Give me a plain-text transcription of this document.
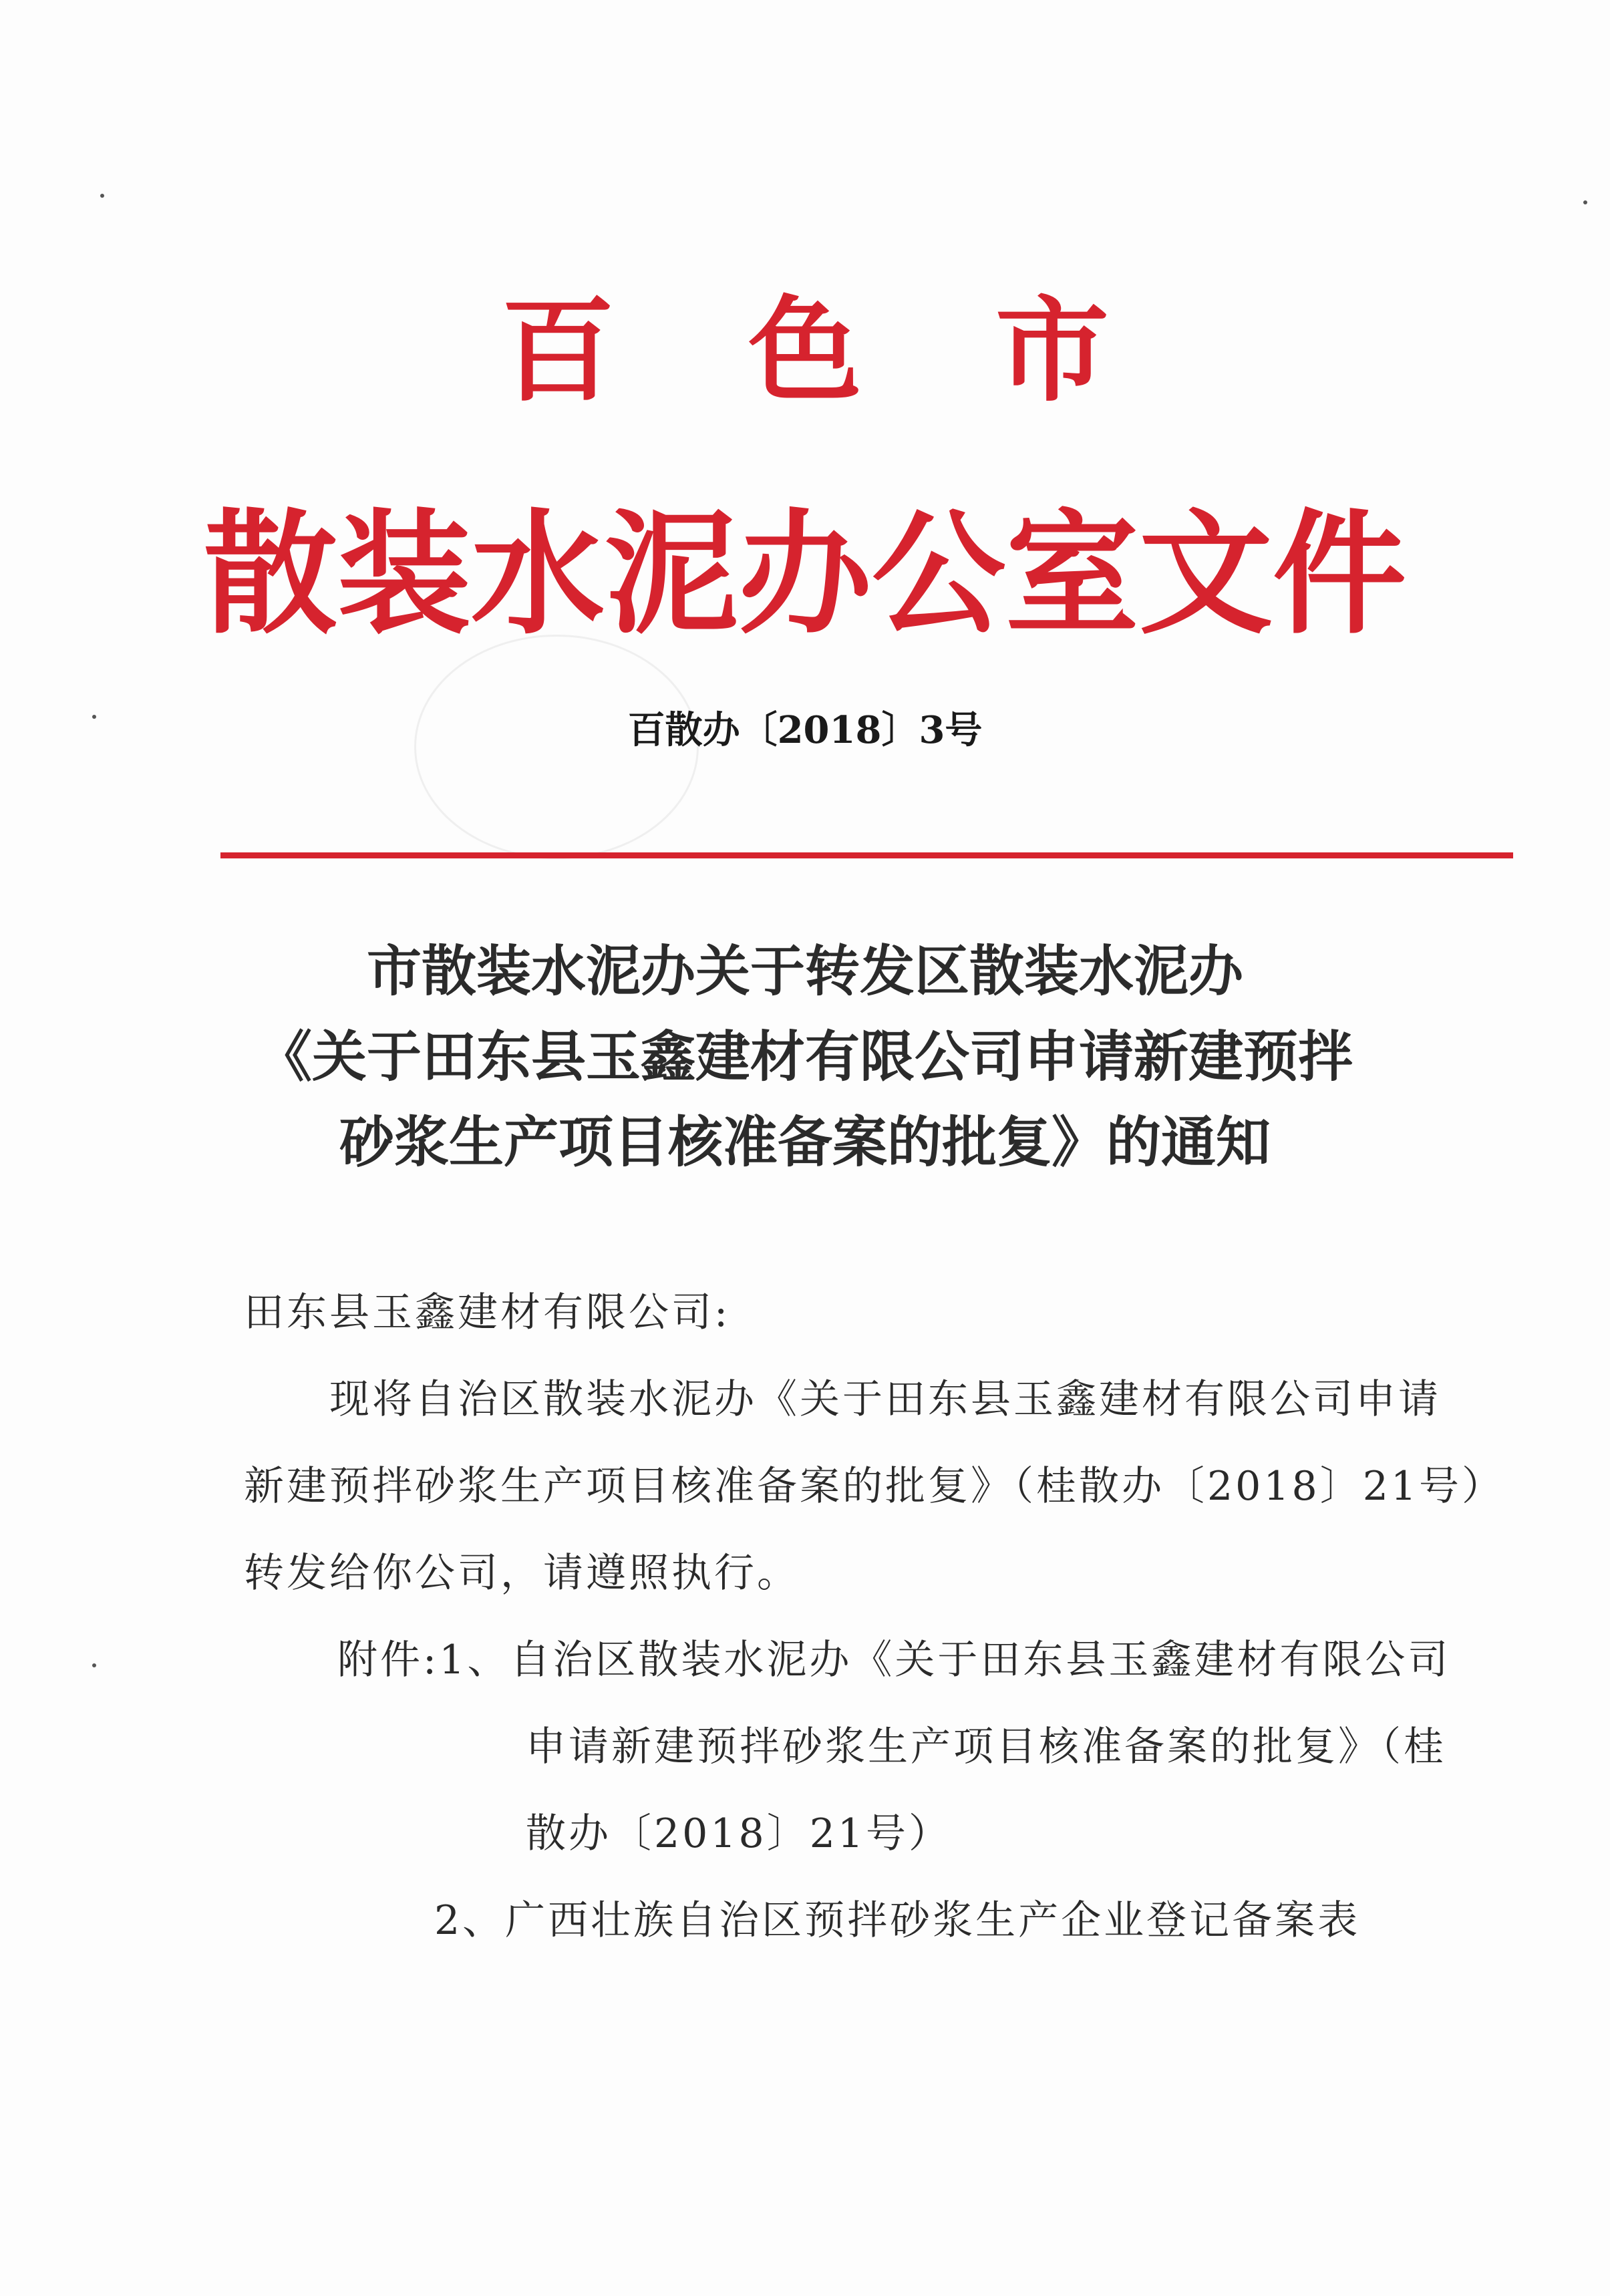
百色市
散装水泥办公室文件
百散办〔2018〕3号
市散装水泥办关于转发区散装水泥办
《关于田东县玉鑫建材有限公司申请新建预拌
砂浆生产项目核准备案的批复》的通知
田东县玉鑫建材有限公司:
　　现将自治区散装水泥办《关于田东县玉鑫建材有限公司申请
新建预拌砂浆生产项目核准备案的批复》（桂散办〔2018〕21号）
转发给你公司，请遵照执行。
附件:1、自治区散装水泥办《关于田东县玉鑫建材有限公司
申请新建预拌砂浆生产项目核准备案的批复》（桂
散办〔2018〕21号）
2、广西壮族自治区预拌砂浆生产企业登记备案表
